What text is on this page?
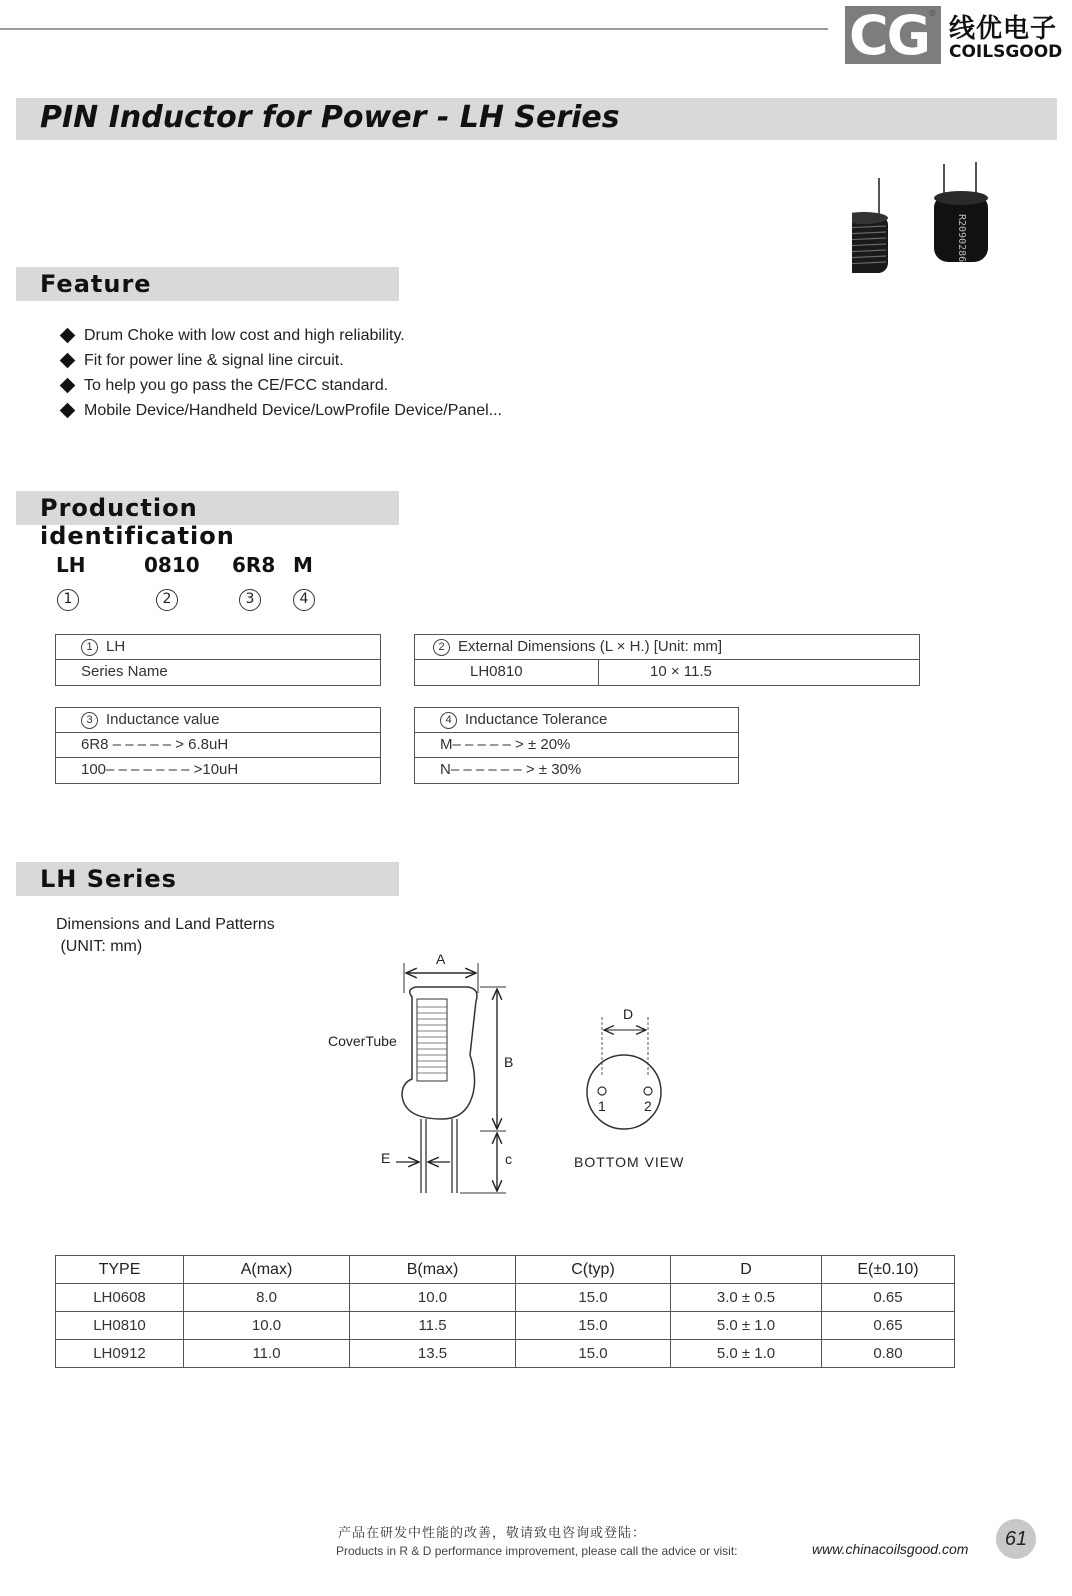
CG ®
线优电子
COILSGOOD
PIN Inductor for Power - LH Series
R2090286
Feature
Drum Choke with low cost and high reliability.
Fit for power line & signal line circuit.
To help you go pass the CE/FCC standard.
Mobile Device/Handheld Device/LowProfile Device/Panel...
Production identification
LH	0810 6R8 M
1	2	3	4
1 LH
Series Name
2 External Dimensions (L × H.) [Unit: mm]
LH0810	10 × 11.5
3 Inductance value
6R8 – – – – – > 6.8uH
100– – – – – – – >10uH
4 Inductance Tolerance
M– – – – – > ± 20%
N– – – – – – > ± 30%
LH Series
Dimensions and Land Patterns
(UNIT: mm)
A
B
c
E
CoverTube
D
1	2
BOTTOM VIEW
TYPE	A(max)	B(max)	C(typ)	D	E(±0.10)
LH0608	8.0	10.0	15.0	3.0 ± 0.5	0.65
LH0810	10.0	11.5	15.0	5.0 ± 1.0	0.65
LH0912	11.0	13.5	15.0	5.0 ± 1.0	0.80
产品在研发中性能的改善，敬请致电咨询或登陆：
Products in R & D performance improvement, please call the advice or visit:	www.chinacoilsgood.com	61
